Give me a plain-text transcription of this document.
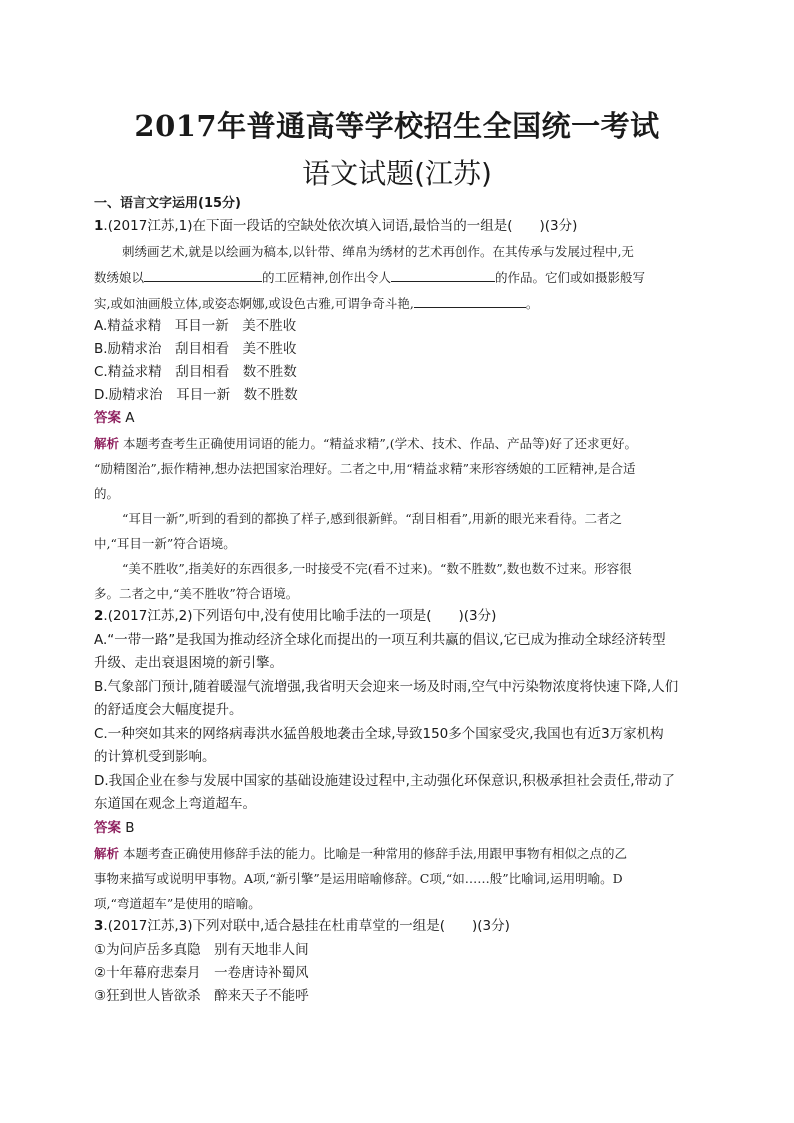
2017年普通高等学校招生全国统一考试
语文试题(江苏)
一、语言文字运用(15分)
1.(2017江苏,1)在下面一段话的空缺处依次填入词语,最恰当的一组是(　　)(3分)
刺绣画艺术,就是以绘画为稿本,以针带、缂帛为绣材的艺术再创作。在其传承与发展过程中,无
数绣娘以	的工匠精神,创作出令人	的作品。它们或如摄影般写
实,或如油画般立体,或姿态婀娜,或设色古雅,可谓争奇斗艳,	。
A.精益求精　耳目一新　美不胜收
B.励精求治　刮目相看　美不胜收
C.精益求精　刮目相看　数不胜数
D.励精求治　耳目一新　数不胜数
答案 A
解析 本题考查考生正确使用词语的能力。“精益求精”,(学术、技术、作品、产品等)好了还求更好。
“励精图治”,振作精神,想办法把国家治理好。二者之中,用“精益求精”来形容绣娘的工匠精神,是合适
的。
“耳目一新”,听到的看到的都换了样子,感到很新鲜。“刮目相看”,用新的眼光来看待。二者之
中,“耳目一新”符合语境。
“美不胜收”,指美好的东西很多,一时接受不完(看不过来)。“数不胜数”,数也数不过来。形容很
多。二者之中,“美不胜收”符合语境。
2.(2017江苏,2)下列语句中,没有使用比喻手法的一项是(　　)(3分)
A.“一带一路”是我国为推动经济全球化而提出的一项互利共赢的倡议,它已成为推动全球经济转型
升级、走出衰退困境的新引擎。
B.气象部门预计,随着暖湿气流增强,我省明天会迎来一场及时雨,空气中污染物浓度将快速下降,人们
的舒适度会大幅度提升。
C.一种突如其来的网络病毒洪水猛兽般地袭击全球,导致150多个国家受灾,我国也有近3万家机构
的计算机受到影响。
D.我国企业在参与发展中国家的基础设施建设过程中,主动强化环保意识,积极承担社会责任,带动了
东道国在观念上弯道超车。
答案 B
解析 本题考查正确使用修辞手法的能力。比喻是一种常用的修辞手法,用跟甲事物有相似之点的乙
事物来描写或说明甲事物。A项,“新引擎”是运用暗喻修辞。C项,“如……般”比喻词,运用明喻。D
项,“弯道超车”是使用的暗喻。
3.(2017江苏,3)下列对联中,适合悬挂在杜甫草堂的一组是(　　)(3分)
①为问庐岳多真隐　别有天地非人间
②十年幕府悲秦月　一卷唐诗补蜀风
③狂到世人皆欲杀　醉来天子不能呼
